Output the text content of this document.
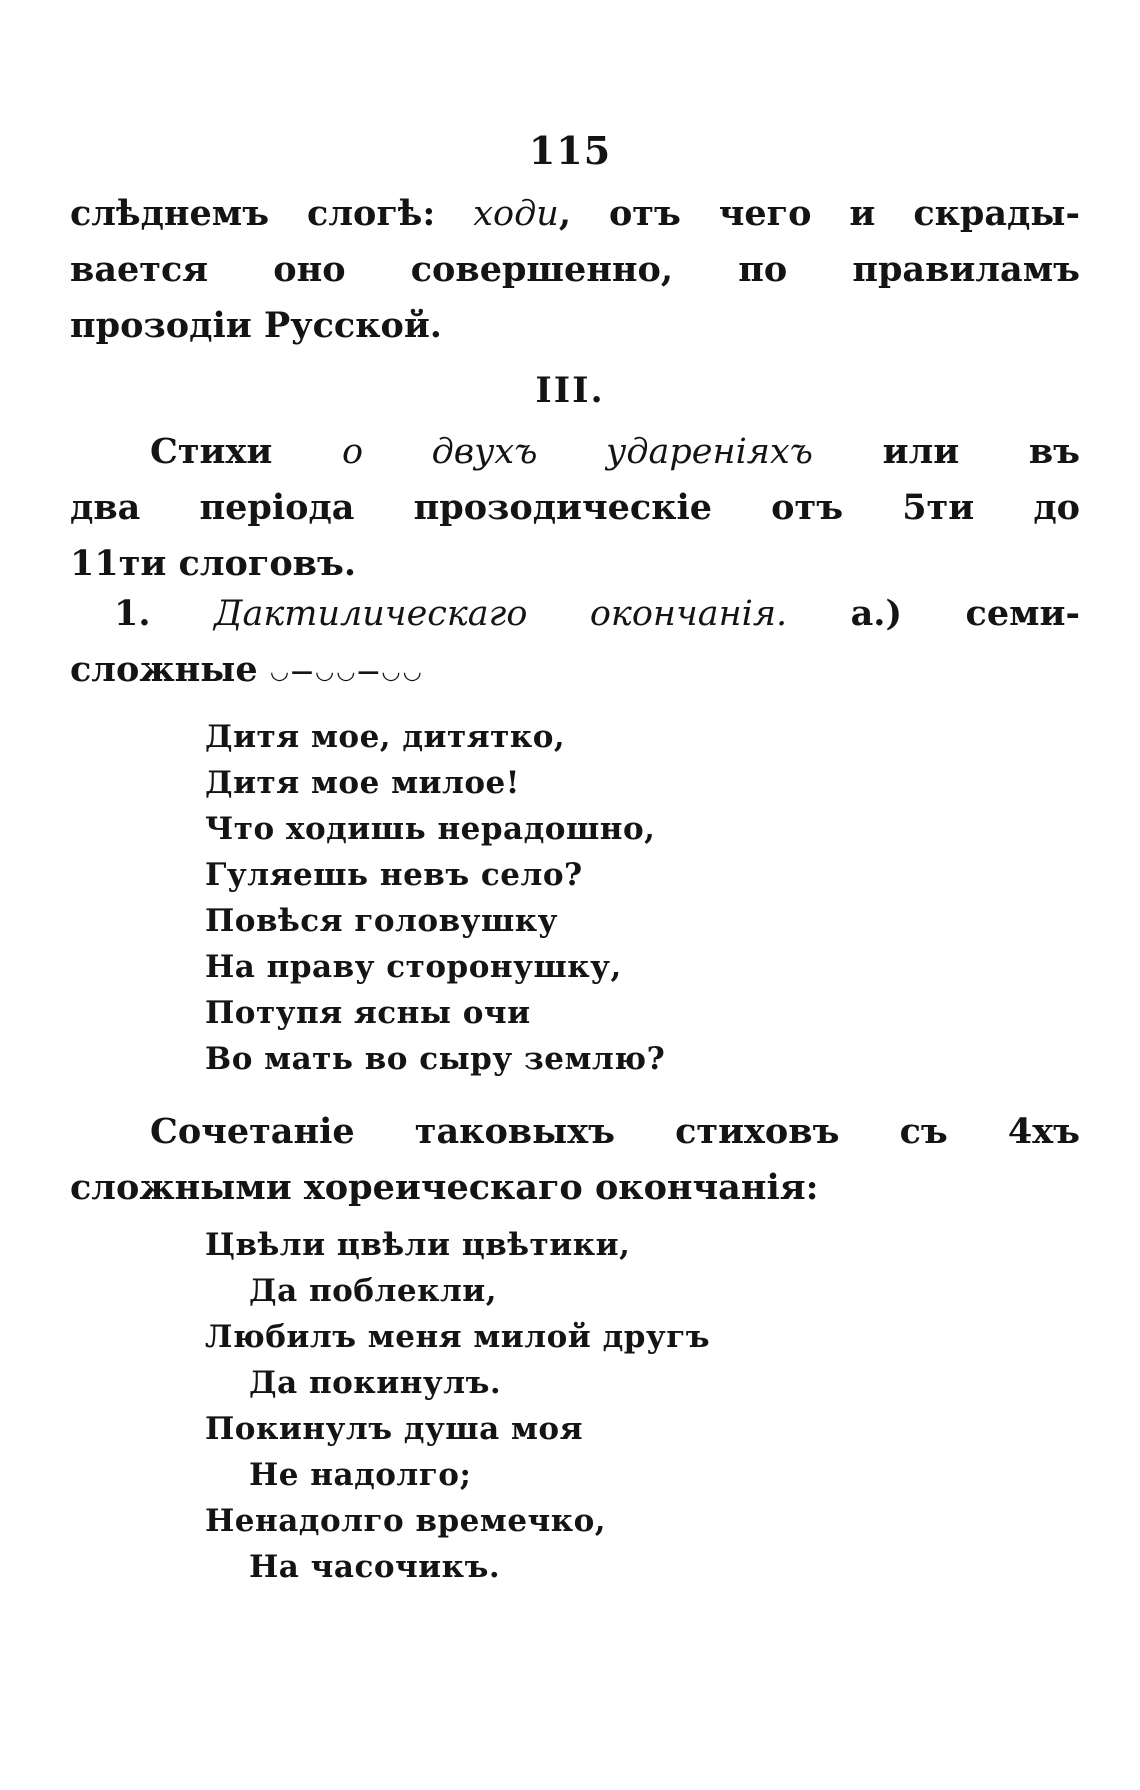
115
слѣднемъ слогѣ: ходи, отъ чего и скрады-
вается оно совершенно, по правиламъ
прозодіи Русской.
III.
Стихи о двухъ удареніяхъ или въ
два періода прозодическіе отъ 5ти до
11ти слоговъ.
1. Дактилическаго окончанія. а.) семи-
сложные ◡—◡◡—◡◡
Дитя мое, дитятко,
Дитя мое милое!
Что ходишь нерадошно,
Гуляешь невъ село?
Повѣся головушку
На праву сторонушку,
Потупя ясны очи
Во мать во сыру землю?
Сочетаніе таковыхъ стиховъ съ 4хъ
сложными хореическаго окончанія:
Цвѣли цвѣли цвѣтики,
Да поблекли,
Любилъ меня милой другъ
Да покинулъ.
Покинулъ душа моя
Не надолго;
Ненадолго времечко,
На часочикъ.
